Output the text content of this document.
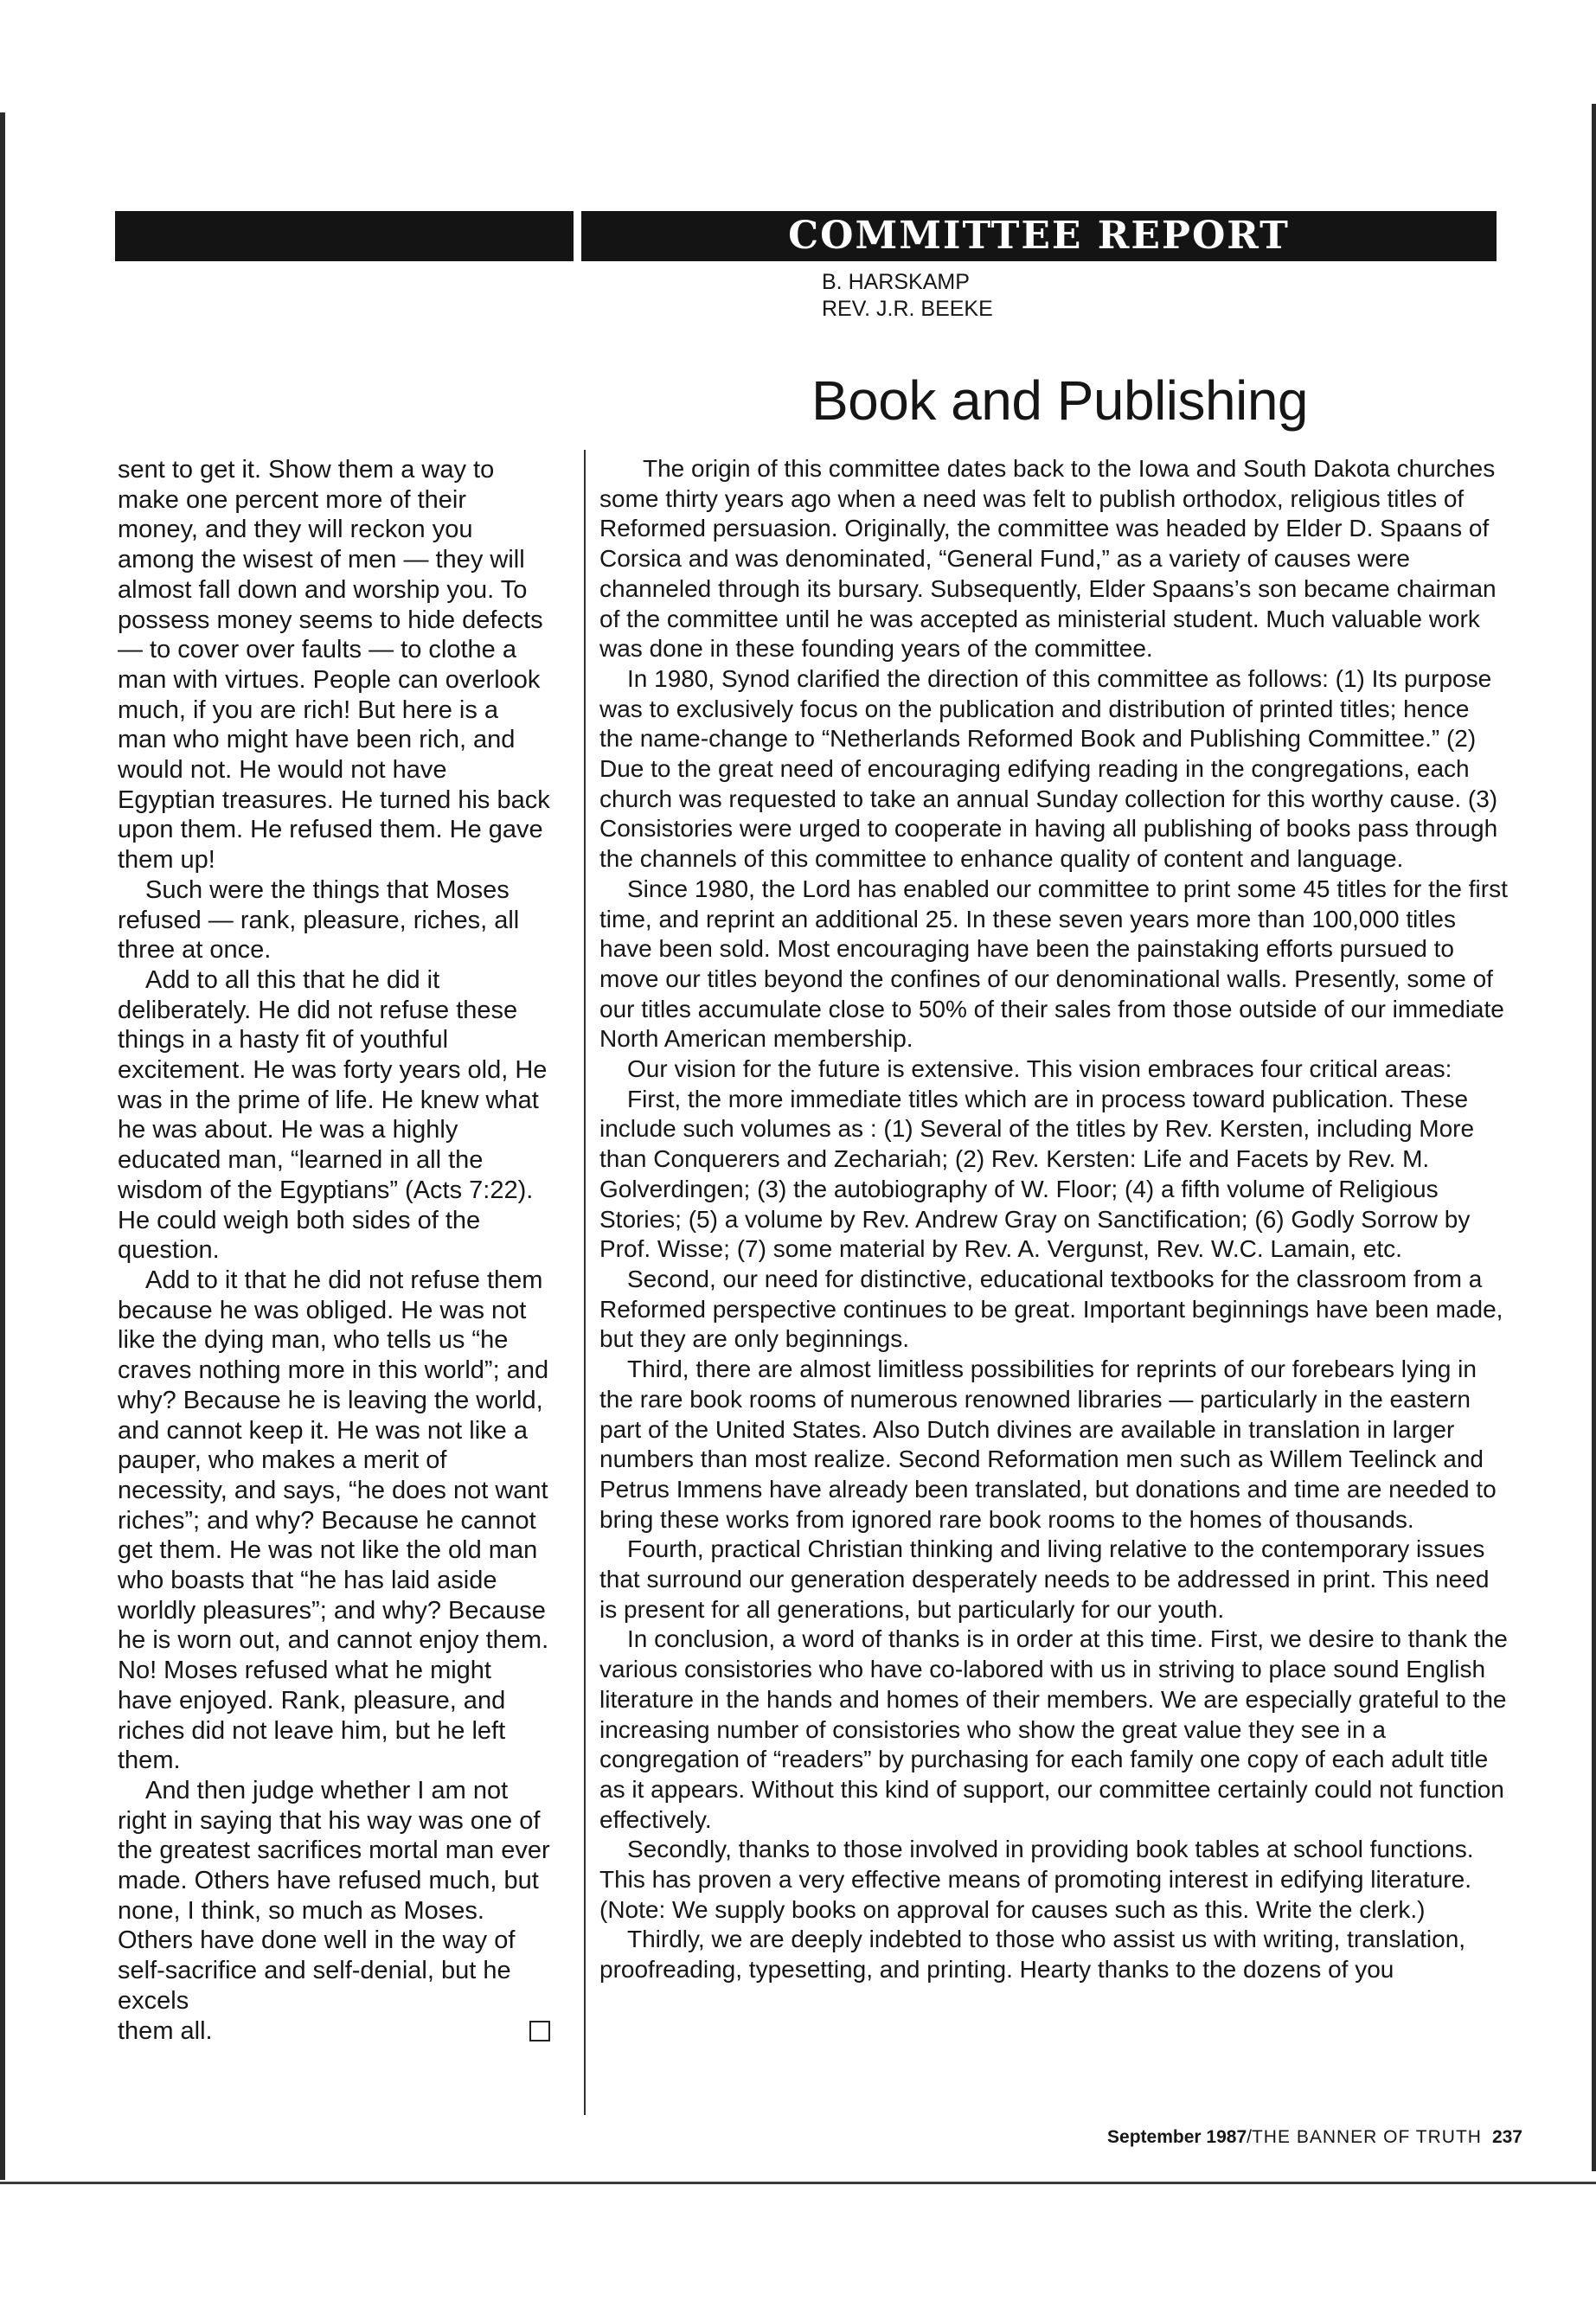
COMMITTEE REPORT
B. HARSKAMP
REV. J.R. BEEKE
Book and Publishing

sent to get it. Show them a way to make one percent more of their money, and they will reckon you among the wisest of men — they will almost fall down and worship you. To possess money seems to hide defects — to cover over faults — to clothe a man with virtues. People can overlook much, if you are rich! But here is a man who might have been rich, and would not. He would not have Egyptian treasures. He turned his back upon them. He refused them. He gave them up!

Such were the things that Moses refused — rank, pleasure, riches, all three at once.

Add to all this that he did it deliberately. He did not refuse these things in a hasty fit of youthful excitement. He was forty years old, He was in the prime of life. He knew what he was about. He was a highly educated man, “learned in all the wisdom of the Egyptians” (Acts 7:22). He could weigh both sides of the question.

Add to it that he did not refuse them because he was obliged. He was not like the dying man, who tells us “he craves nothing more in this world”; and why? Because he is leaving the world, and cannot keep it. He was not like a pauper, who makes a merit of necessity, and says, “he does not want riches”; and why? Because he cannot get them. He was not like the old man who boasts that “he has laid aside worldly pleasures”; and why? Because he is worn out, and cannot enjoy them. No! Moses refused what he might have enjoyed. Rank, pleasure, and riches did not leave him, but he left them.

And then judge whether I am not right in saying that his way was one of the greatest sacrifices mortal man ever made. Others have refused much, but none, I think, so much as Moses. Others have done well in the way of self-sacrifice and self-denial, but he excels

them all.

The origin of this committee dates back to the Iowa and South Dakota churches some thirty years ago when a need was felt to publish orthodox, religious titles of Reformed persuasion. Originally, the committee was headed by Elder D. Spaans of Corsica and was denominated, “General Fund,” as a variety of causes were channeled through its bursary. Subsequently, Elder Spaans’s son became chairman of the committee until he was accepted as ministerial student. Much valuable work was done in these founding years of the committee.

In 1980, Synod clarified the direction of this committee as follows: (1) Its purpose was to exclusively focus on the publication and distribution of printed titles; hence the name-change to “Netherlands Reformed Book and Publishing Committee.” (2) Due to the great need of encouraging edifying reading in the congregations, each church was requested to take an annual Sunday collection for this worthy cause. (3) Consistories were urged to cooperate in having all publishing of books pass through the channels of this committee to enhance quality of content and language.

Since 1980, the Lord has enabled our committee to print some 45 titles for the first time, and reprint an additional 25. In these seven years more than 100,000 titles have been sold. Most encouraging have been the painstaking efforts pursued to move our titles beyond the confines of our denominational walls. Presently, some of our titles accumulate close to 50% of their sales from those outside of our immediate North American membership.

Our vision for the future is extensive. This vision embraces four critical areas:

First, the more immediate titles which are in process toward publication. These include such volumes as : (1) Several of the titles by Rev. Kersten, including More than Conquerers and Zechariah; (2) Rev. Kersten: Life and Facets by Rev. M. Golverdingen; (3) the autobiography of W. Floor; (4) a fifth volume of Religious Stories; (5) a volume by Rev. Andrew Gray on Sanctification; (6) Godly Sorrow by Prof. Wisse; (7) some material by Rev. A. Vergunst, Rev. W.C. Lamain, etc.

Second, our need for distinctive, educational textbooks for the classroom from a Reformed perspective continues to be great. Important beginnings have been made, but they are only beginnings.

Third, there are almost limitless possibilities for reprints of our forebears lying in the rare book rooms of numerous renowned libraries — particularly in the eastern part of the United States. Also Dutch divines are available in translation in larger numbers than most realize. Second Reformation men such as Willem Teelinck and Petrus Immens have already been translated, but donations and time are needed to bring these works from ignored rare book rooms to the homes of thousands.

Fourth, practical Christian thinking and living relative to the contemporary issues that surround our generation desperately needs to be addressed in print. This need is present for all generations, but particularly for our youth.

In conclusion, a word of thanks is in order at this time. First, we desire to thank the various consistories who have co-labored with us in striving to place sound English literature in the hands and homes of their members. We are especially grateful to the increasing number of consistories who show the great value they see in a congregation of “readers” by purchasing for each family one copy of each adult title as it appears. Without this kind of support, our committee certainly could not function effectively.

Secondly, thanks to those involved in providing book tables at school functions. This has proven a very effective means of promoting interest in edifying literature. (Note: We supply books on approval for causes such as this. Write the clerk.)

Thirdly, we are deeply indebted to those who assist us with writing, translation, proofreading, typesetting, and printing. Hearty thanks to the dozens of you

September 1987/THE BANNER OF TRUTH 237
